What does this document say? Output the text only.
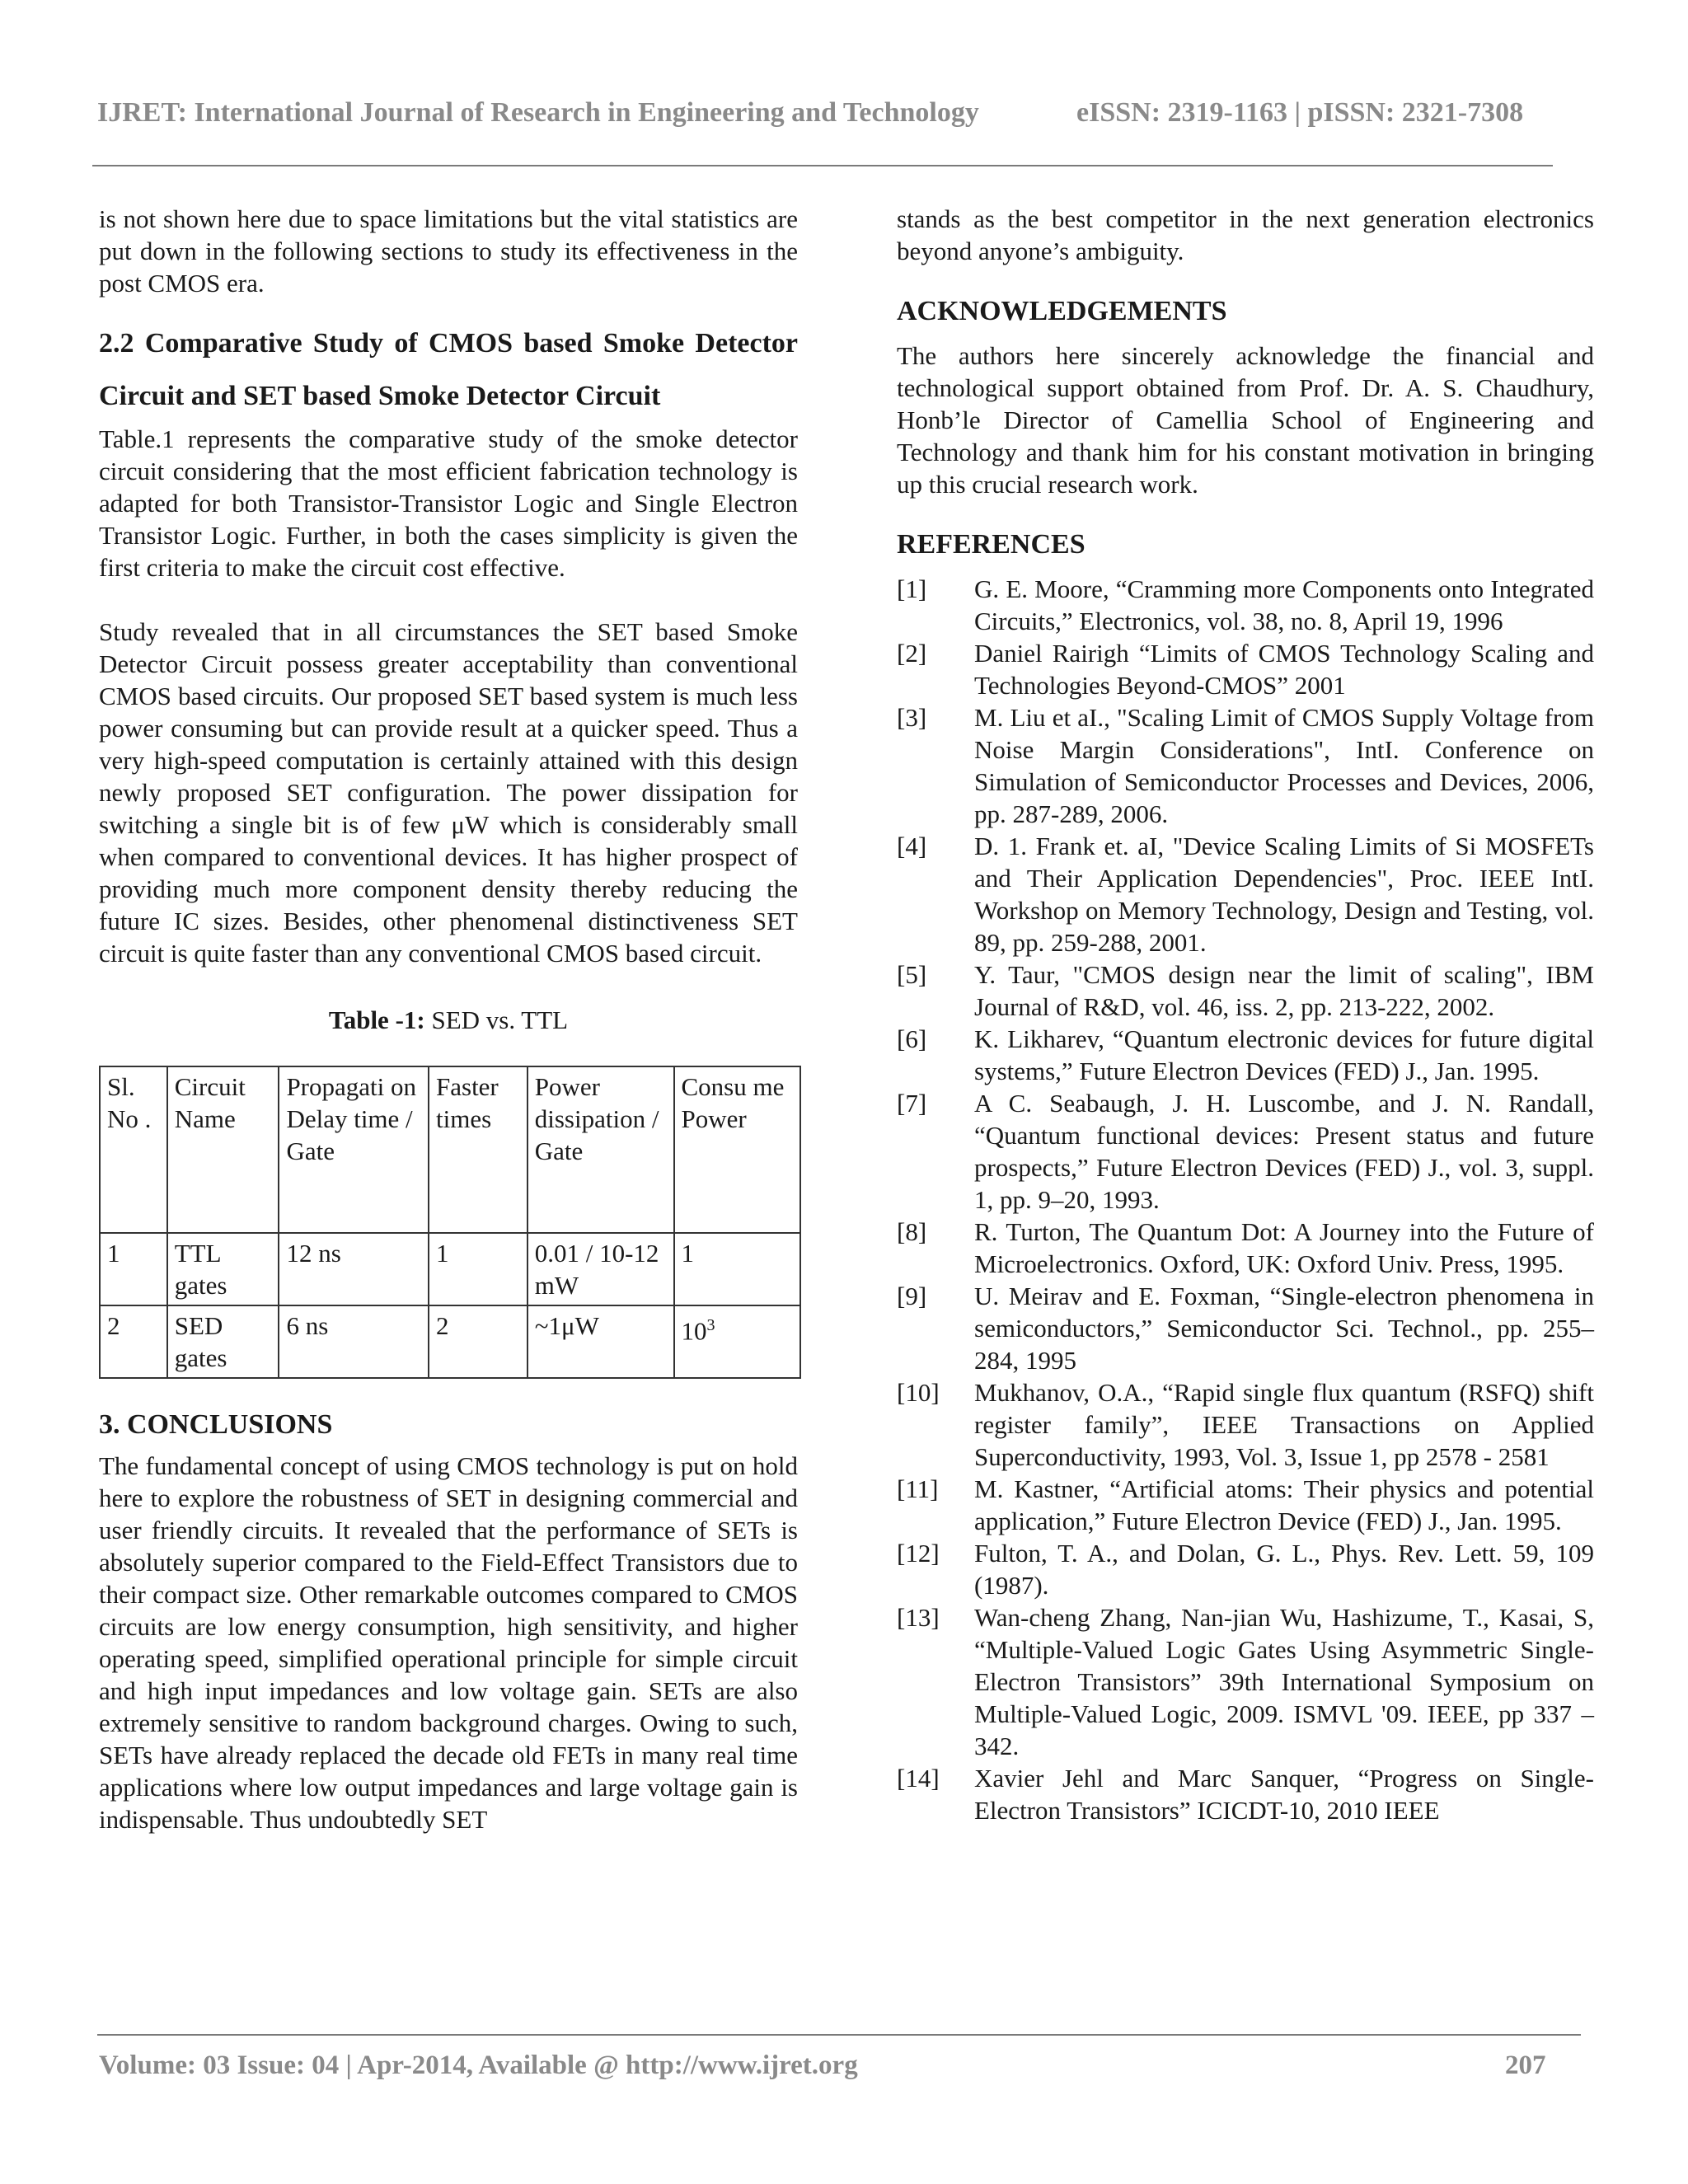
IJRET: International Journal of Research in Engineering and Technology	eISSN: 2319-1163 | pISSN: 2321-7308

is not shown here due to space limitations but the vital statistics are put down in the following sections to study its effectiveness in the post CMOS era.

2.2 Comparative Study of CMOS based Smoke Detector Circuit and SET based Smoke Detector Circuit

Table.1 represents the comparative study of the smoke detector circuit considering that the most efficient fabrication technology is adapted for both Transistor-Transistor Logic and Single Electron Transistor Logic. Further, in both the cases simplicity is given the first criteria to make the circuit cost effective.

Study revealed that in all circumstances the SET based Smoke Detector Circuit possess greater acceptability than conventional CMOS based circuits. Our proposed SET based system is much less power consuming but can provide result at a quicker speed. Thus a very high-speed computation is certainly attained with this design newly proposed SET configuration. The power dissipation for switching a single bit is of few μW which is considerably small when compared to conventional devices. It has higher prospect of providing much more component density thereby reducing the future IC sizes. Besides, other phenomenal distinctiveness SET circuit is quite faster than any conventional CMOS based circuit.

Table -1: SED vs. TTL
Sl. No .	Circuit Name	Propagati on Delay time / Gate	Faster times	Power dissipation / Gate	Consu me Power
1	TTL gates	12 ns	1	0.01 / 10-12 mW	1
2	SED gates	6 ns	2	~1μW	$10^3$
3. CONCLUSIONS

The fundamental concept of using CMOS technology is put on hold here to explore the robustness of SET in designing commercial and user friendly circuits. It revealed that the performance of SETs is absolutely superior compared to the Field-Effect Transistors due to their compact size. Other remarkable outcomes compared to CMOS circuits are low energy consumption, high sensitivity, and higher operating speed, simplified operational principle for simple circuit and high input impedances and low voltage gain. SETs are also extremely sensitive to random background charges. Owing to such, SETs have already replaced the decade old FETs in many real time applications where low output impedances and large voltage gain is indispensable. Thus undoubtedly SET

stands as the best competitor in the next generation electronics beyond anyone’s ambiguity.

ACKNOWLEDGEMENTS

The authors here sincerely acknowledge the financial and technological support obtained from Prof. Dr. A. S. Chaudhury, Honb’le Director of Camellia School of Engineering and Technology and thank him for his constant motivation in bringing up this crucial research work.

REFERENCES
[1]	G. E. Moore, “Cramming more Components onto Integrated Circuits,” Electronics, vol. 38, no. 8, April 19, 1996
[2]	Daniel Rairigh “Limits of CMOS Technology Scaling and Technologies Beyond-CMOS” 2001
[3]	M. Liu et aI., "Scaling Limit of CMOS Supply Voltage from Noise Margin Considerations", IntI. Conference on Simulation of Semiconductor Processes and Devices, 2006, pp. 287-289, 2006.
[4]	D. 1. Frank et. aI, "Device Scaling Limits of Si MOSFETs and Their Application Dependencies", Proc. IEEE IntI. Workshop on Memory Technology, Design and Testing, vol. 89, pp. 259-288, 2001.
[5]	Y. Taur, "CMOS design near the limit of scaling", IBM Journal of R&D, vol. 46, iss. 2, pp. 213-222, 2002.
[6]	K. Likharev, “Quantum electronic devices for future digital systems,” Future Electron Devices (FED) J., Jan. 1995.
[7]	A C. Seabaugh, J. H. Luscombe, and J. N. Randall, “Quantum functional devices: Present status and future prospects,” Future Electron Devices (FED) J., vol. 3, suppl. 1, pp. 9–20, 1993.
[8]	R. Turton, The Quantum Dot: A Journey into the Future of Microelectronics. Oxford, UK: Oxford Univ. Press, 1995.
[9]	U. Meirav and E. Foxman, “Single-electron phenomena in semiconductors,” Semiconductor Sci. Technol., pp. 255–284, 1995
[10]	Mukhanov, O.A., “Rapid single flux quantum (RSFQ) shift register family”, IEEE Transactions on Applied Superconductivity, 1993, Vol. 3, Issue 1, pp 2578 - 2581
[11]	M. Kastner, “Artificial atoms: Their physics and potential application,” Future Electron Device (FED) J., Jan. 1995.
[12]	Fulton, T. A., and Dolan, G. L., Phys. Rev. Lett. 59, 109 (1987).
[13]	Wan-cheng Zhang, Nan-jian Wu, Hashizume, T., Kasai, S, “Multiple-Valued Logic Gates Using Asymmetric Single-Electron Transistors” 39th International Symposium on Multiple-Valued Logic, 2009. ISMVL '09. IEEE, pp 337 – 342.
[14]	Xavier Jehl and Marc Sanquer, “Progress on Single-Electron Transistors” ICICDT-10, 2010 IEEE
Volume: 03 Issue: 04 | Apr-2014, Available @ http://www.ijret.org	207
